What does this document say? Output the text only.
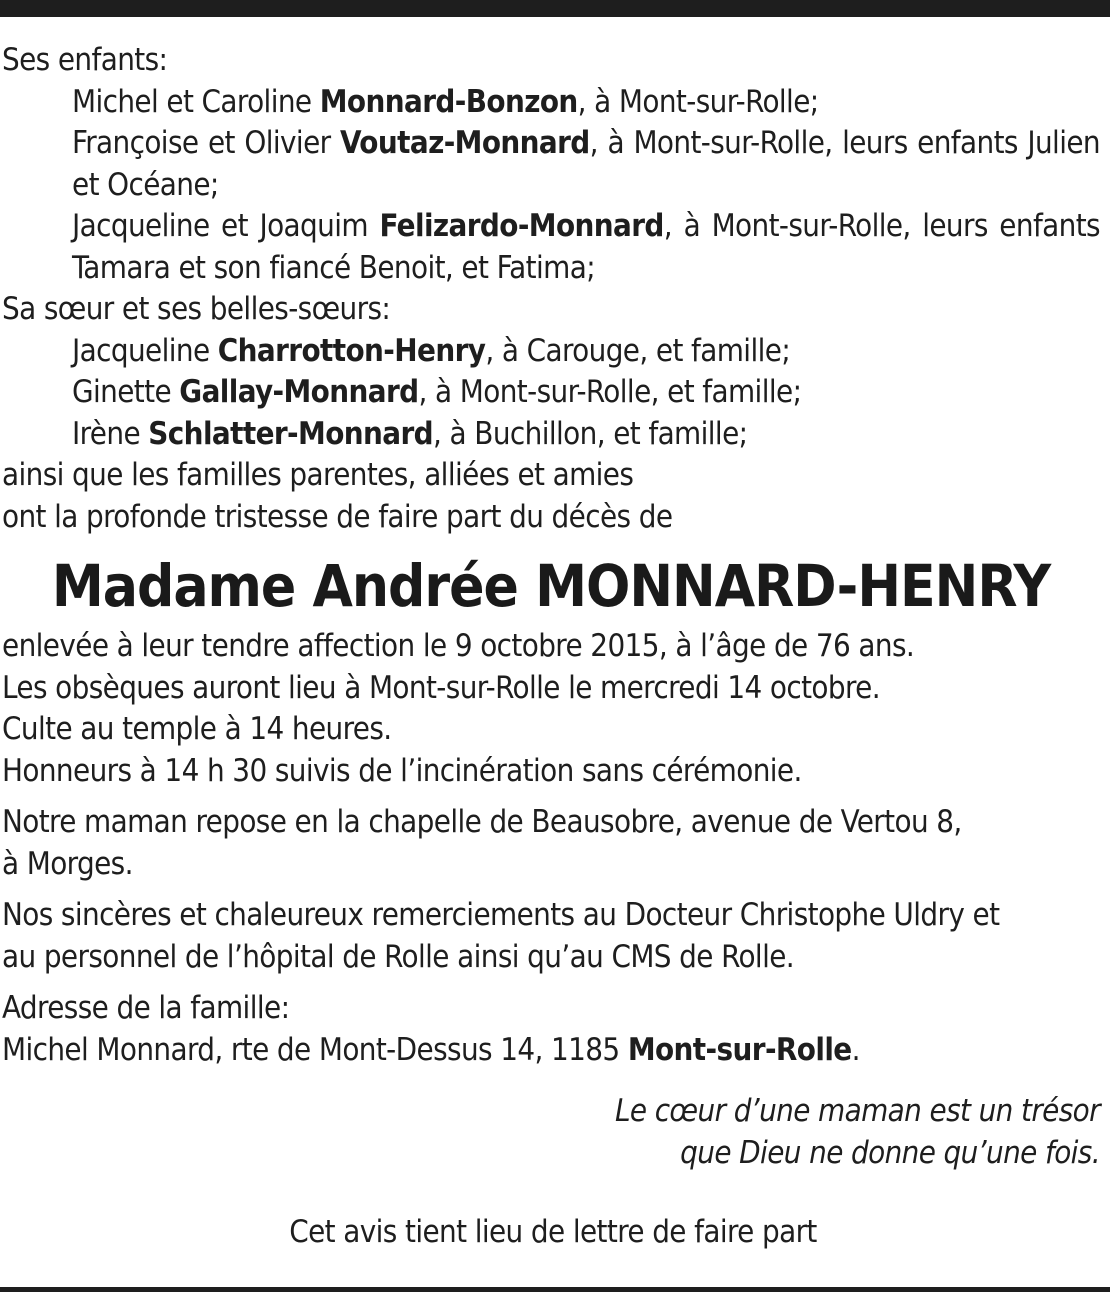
Ses enfants:
Michel et Caroline Monnard-Bonzon, à Mont-sur-Rolle;
Françoise et Olivier Voutaz-Monnard, à Mont-sur-Rolle, leurs enfants Julien et Océane;
Jacqueline et Joaquim Felizardo-Monnard, à Mont-sur-Rolle, leurs enfants Tamara et son fiancé Benoit, et Fatima;
Sa sœur et ses belles-sœurs:
Jacqueline Charrotton-Henry, à Carouge, et famille;
Ginette Gallay-Monnard, à Mont-sur-Rolle, et famille;
Irène Schlatter-Monnard, à Buchillon, et famille;
ainsi que les familles parentes, alliées et amies
ont la profonde tristesse de faire part du décès de
Madame Andrée MONNARD-HENRY
enlevée à leur tendre affection le 9 octobre 2015, à l’âge de 76 ans.
Les obsèques auront lieu à Mont-sur-Rolle le mercredi 14 octobre.
Culte au temple à 14 heures.
Honneurs à 14 h 30 suivis de l’incinération sans cérémonie.
Notre maman repose en la chapelle de Beausobre, avenue de Vertou 8,
à Morges.
Nos sincères et chaleureux remerciements au Docteur Christophe Uldry et
au personnel de l’hôpital de Rolle ainsi qu’au CMS de Rolle.
Adresse de la famille:
Michel Monnard, rte de Mont-Dessus 14, 1185 Mont-sur-Rolle.
Le cœur d’une maman est un trésor
que Dieu ne donne qu’une fois.
Cet avis tient lieu de lettre de faire part
